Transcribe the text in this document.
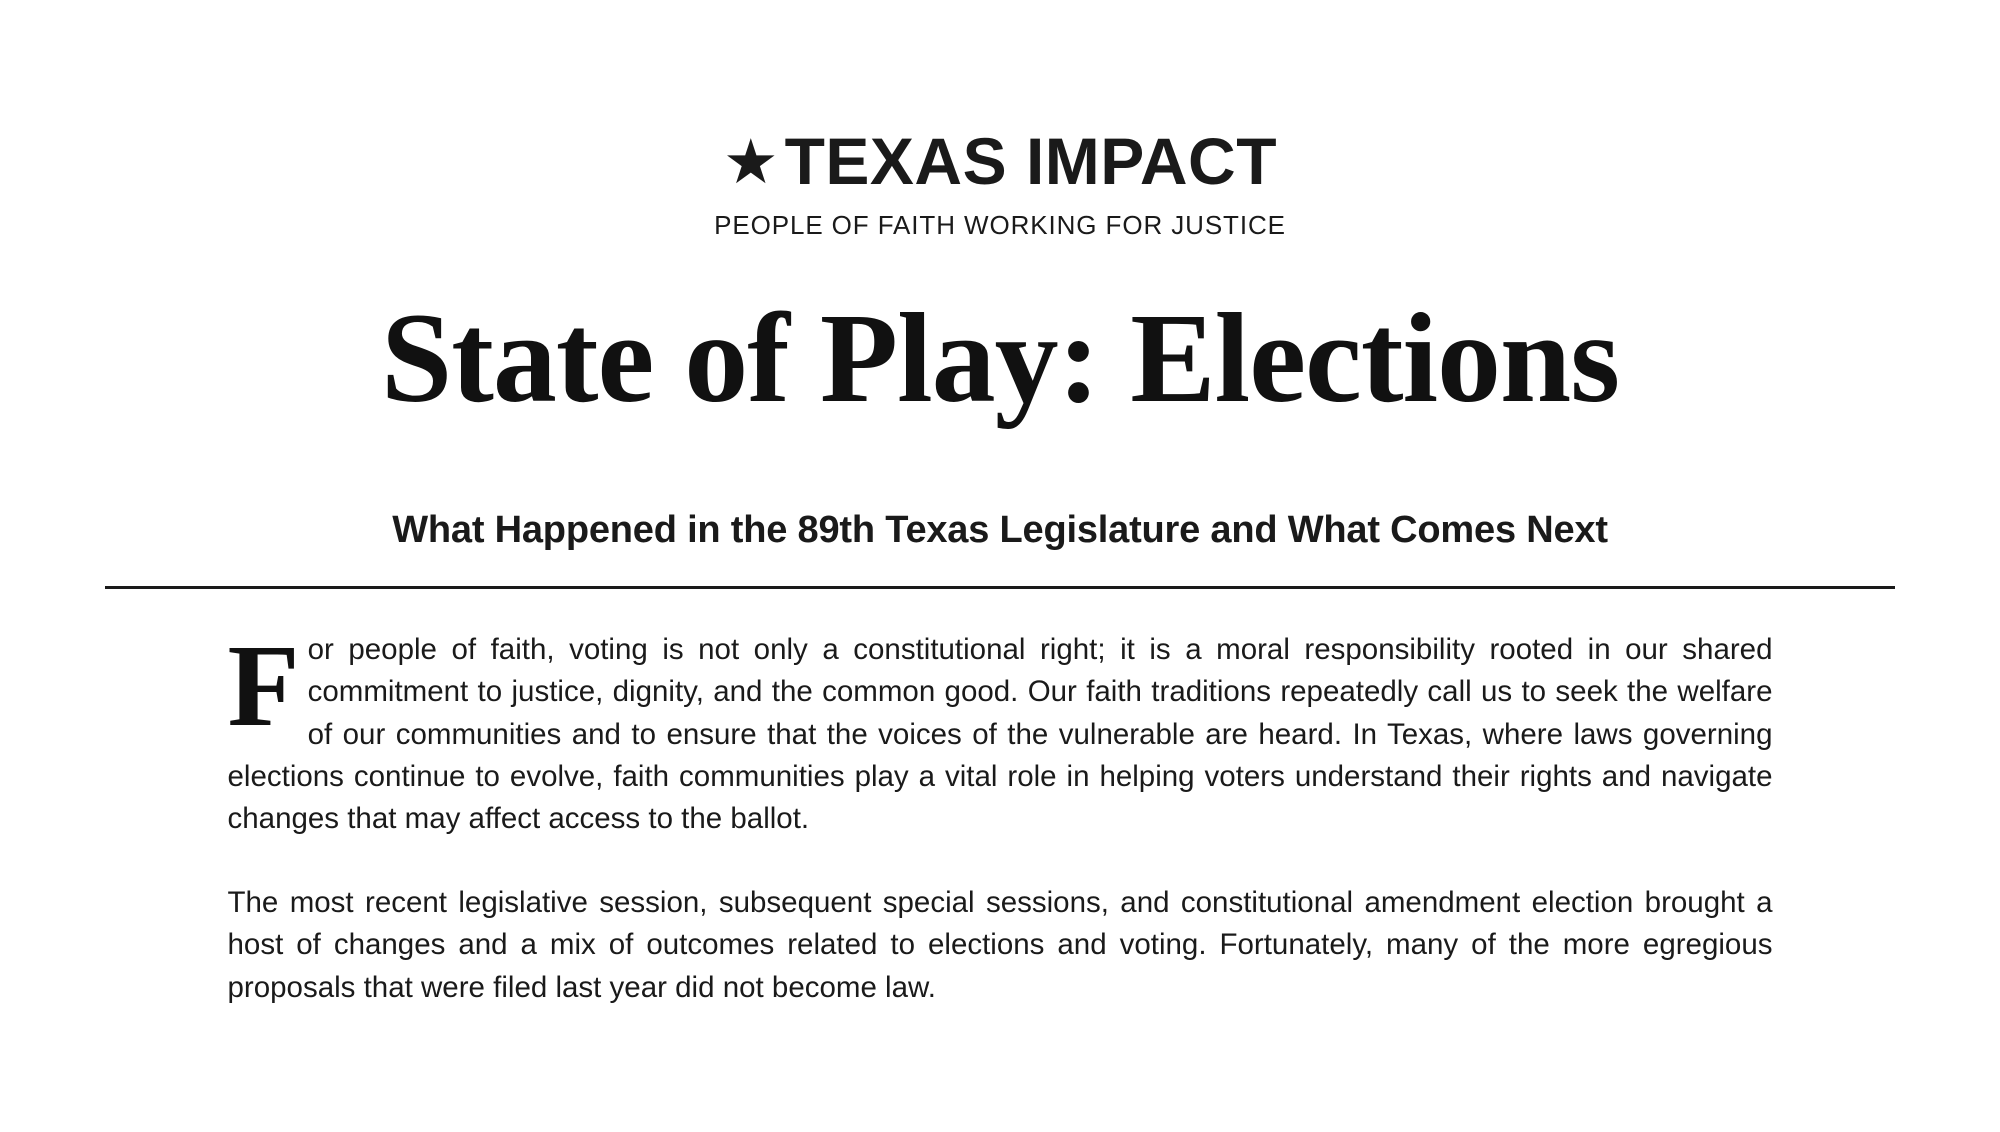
★ TEXAS IMPACT
PEOPLE OF FAITH WORKING FOR JUSTICE
State of Play: Elections
What Happened in the 89th Texas Legislature and What Comes Next

For people of faith, voting is not only a constitutional right; it is a moral responsibility rooted in our shared commitment to justice, dignity, and the common good. Our faith traditions repeatedly call us to seek the welfare of our communities and to ensure that the voices of the vulnerable are heard. In Texas, where laws governing elections continue to evolve, faith communities play a vital role in helping voters understand their rights and navigate changes that may affect access to the ballot.

The most recent legislative session, subsequent special sessions, and constitutional amendment election brought a host of changes and a mix of outcomes related to elections and voting. Fortunately, many of the more egregious proposals that were filed last year did not become law.
